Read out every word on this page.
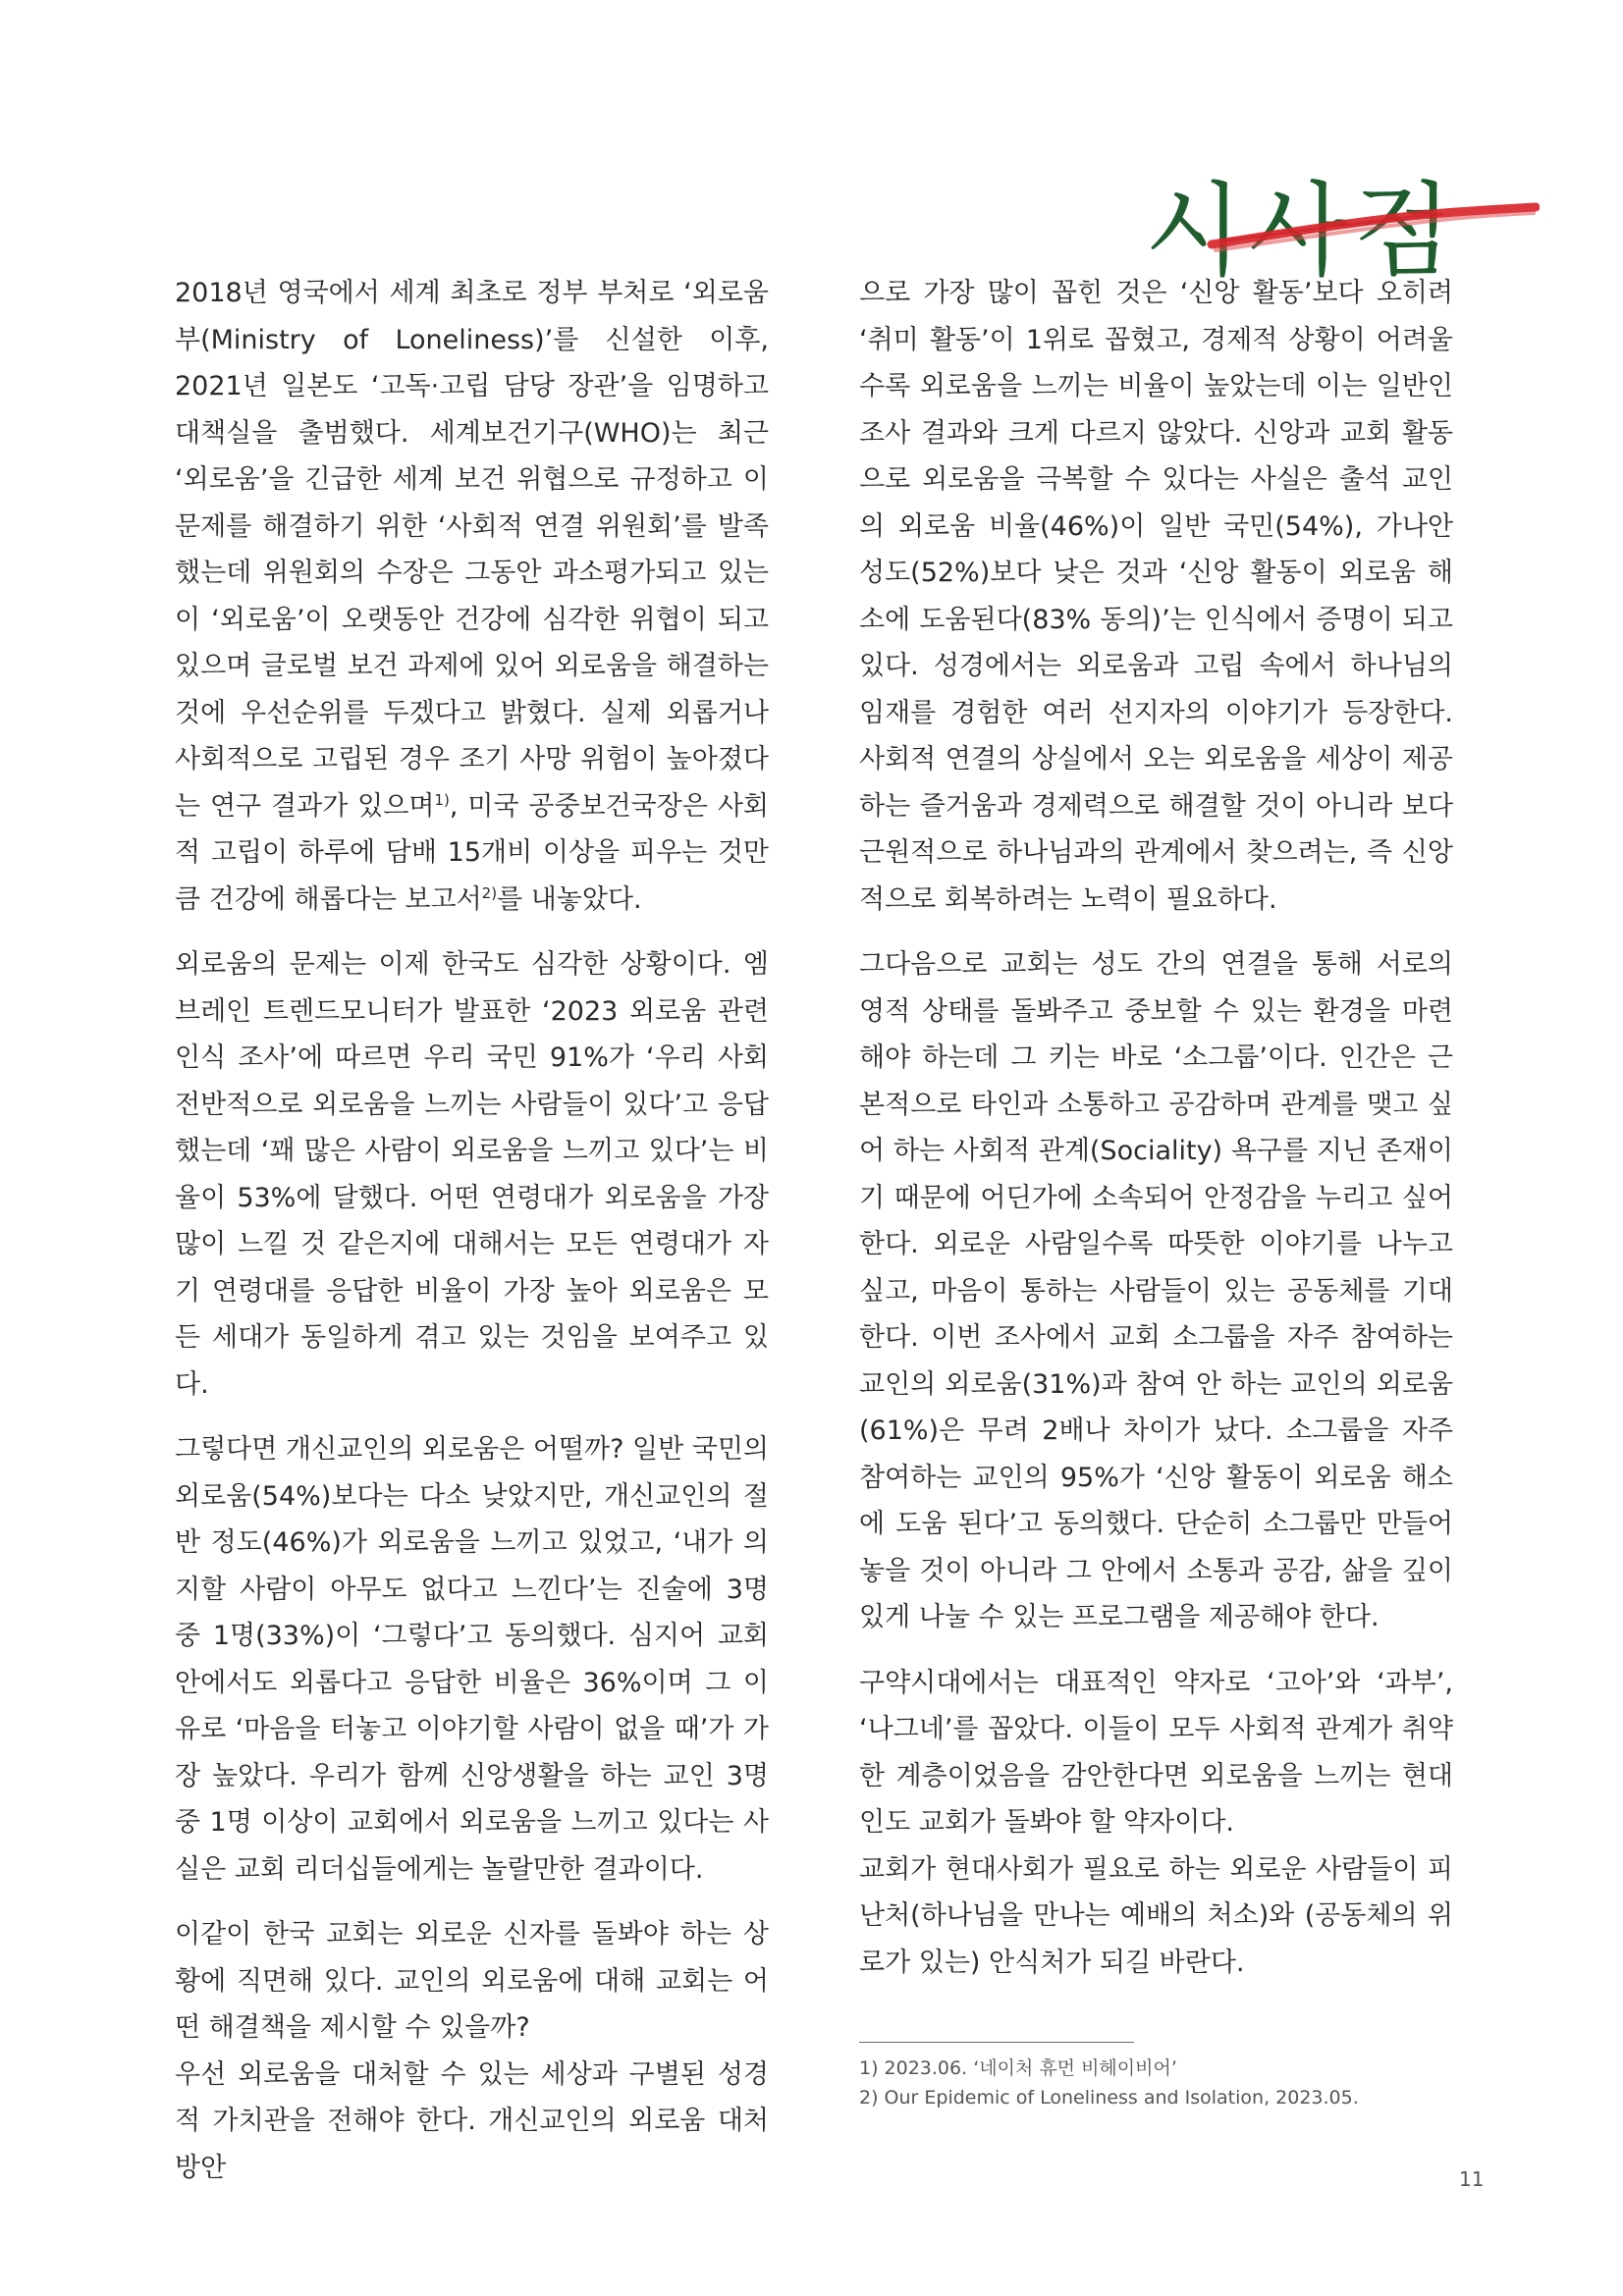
시사점

2018년 영국에서 세계 최초로 정부 부처로 ‘외로움부(Ministry of Loneliness)’를 신설한 이후, 2021년 일본도 ‘고독·고립 담당 장관’을 임명하고 대책실을 출범했다. 세계보건기구(WHO)는 최근 ‘외로움’을 긴급한 세계 보건 위협으로 규정하고 이 문제를 해결하기 위한 ‘사회적 연결 위원회’를 발족했는데 위원회의 수장은 그동안 과소평가되고 있는 이 ‘외로움’이 오랫동안 건강에 심각한 위협이 되고 있으며 글로벌 보건 과제에 있어 외로움을 해결하는 것에 우선순위를 두겠다고 밝혔다. 실제 외롭거나 사회적으로 고립된 경우 조기 사망 위험이 높아졌다는 연구 결과가 있으며$^{1)}$, 미국 공중보건국장은 사회적 고립이 하루에 담배 15개비 이상을 피우는 것만큼 건강에 해롭다는 보고서$^{2)}$를 내놓았다.

외로움의 문제는 이제 한국도 심각한 상황이다. 엠브레인 트렌드모니터가 발표한 ‘2023 외로움 관련 인식 조사’에 따르면 우리 국민 91%가 ‘우리 사회 전반적으로 외로움을 느끼는 사람들이 있다’고 응답했는데 ‘꽤 많은 사람이 외로움을 느끼고 있다’는 비율이 53%에 달했다. 어떤 연령대가 외로움을 가장 많이 느낄 것 같은지에 대해서는 모든 연령대가 자기 연령대를 응답한 비율이 가장 높아 외로움은 모든 세대가 동일하게 겪고 있는 것임을 보여주고 있다.

그렇다면 개신교인의 외로움은 어떨까? 일반 국민의 외로움(54%)보다는 다소 낮았지만, 개신교인의 절반 정도(46%)가 외로움을 느끼고 있었고, ‘내가 의지할 사람이 아무도 없다고 느낀다’는 진술에 3명 중 1명(33%)이 ‘그렇다’고 동의했다. 심지어 교회 안에서도 외롭다고 응답한 비율은 36%이며 그 이유로 ‘마음을 터놓고 이야기할 사람이 없을 때’가 가장 높았다. 우리가 함께 신앙생활을 하는 교인 3명 중 1명 이상이 교회에서 외로움을 느끼고 있다는 사실은 교회 리더십들에게는 놀랄만한 결과이다.

이같이 한국 교회는 외로운 신자를 돌봐야 하는 상황에 직면해 있다. 교인의 외로움에 대해 교회는 어떤 해결책을 제시할 수 있을까?

우선 외로움을 대처할 수 있는 세상과 구별된 성경적 가치관을 전해야 한다. 개신교인의 외로움 대처 방안

으로 가장 많이 꼽힌 것은 ‘신앙 활동’보다 오히려 ‘취미 활동’이 1위로 꼽혔고, 경제적 상황이 어려울수록 외로움을 느끼는 비율이 높았는데 이는 일반인 조사 결과와 크게 다르지 않았다. 신앙과 교회 활동으로 외로움을 극복할 수 있다는 사실은 출석 교인의 외로움 비율(46%)이 일반 국민(54%), 가나안 성도(52%)보다 낮은 것과 ‘신앙 활동이 외로움 해소에 도움된다(83% 동의)’는 인식에서 증명이 되고 있다. 성경에서는 외로움과 고립 속에서 하나님의 임재를 경험한 여러 선지자의 이야기가 등장한다. 사회적 연결의 상실에서 오는 외로움을 세상이 제공하는 즐거움과 경제력으로 해결할 것이 아니라 보다 근원적으로 하나님과의 관계에서 찾으려는, 즉 신앙적으로 회복하려는 노력이 필요하다.

그다음으로 교회는 성도 간의 연결을 통해 서로의 영적 상태를 돌봐주고 중보할 수 있는 환경을 마련해야 하는데 그 키는 바로 ‘소그룹’이다. 인간은 근본적으로 타인과 소통하고 공감하며 관계를 맺고 싶어 하는 사회적 관계(Sociality) 욕구를 지닌 존재이기 때문에 어딘가에 소속되어 안정감을 누리고 싶어 한다. 외로운 사람일수록 따뜻한 이야기를 나누고 싶고, 마음이 통하는 사람들이 있는 공동체를 기대한다. 이번 조사에서 교회 소그룹을 자주 참여하는 교인의 외로움(31%)과 참여 안 하는 교인의 외로움(61%)은 무려 2배나 차이가 났다. 소그룹을 자주 참여하는 교인의 95%가 ‘신앙 활동이 외로움 해소에 도움 된다’고 동의했다. 단순히 소그룹만 만들어 놓을 것이 아니라 그 안에서 소통과 공감, 삶을 깊이 있게 나눌 수 있는 프로그램을 제공해야 한다.

구약시대에서는 대표적인 약자로 ‘고아’와 ‘과부’, ‘나그네’를 꼽았다. 이들이 모두 사회적 관계가 취약한 계층이었음을 감안한다면 외로움을 느끼는 현대인도 교회가 돌봐야 할 약자이다.

교회가 현대사회가 필요로 하는 외로운 사람들이 피난처(하나님을 만나는 예배의 처소)와 (공동체의 위로가 있는) 안식처가 되길 바란다.

1) 2023.06. ‘네이처 휴먼 비헤이비어’
2) Our Epidemic of Loneliness and Isolation, 2023.05.
11
